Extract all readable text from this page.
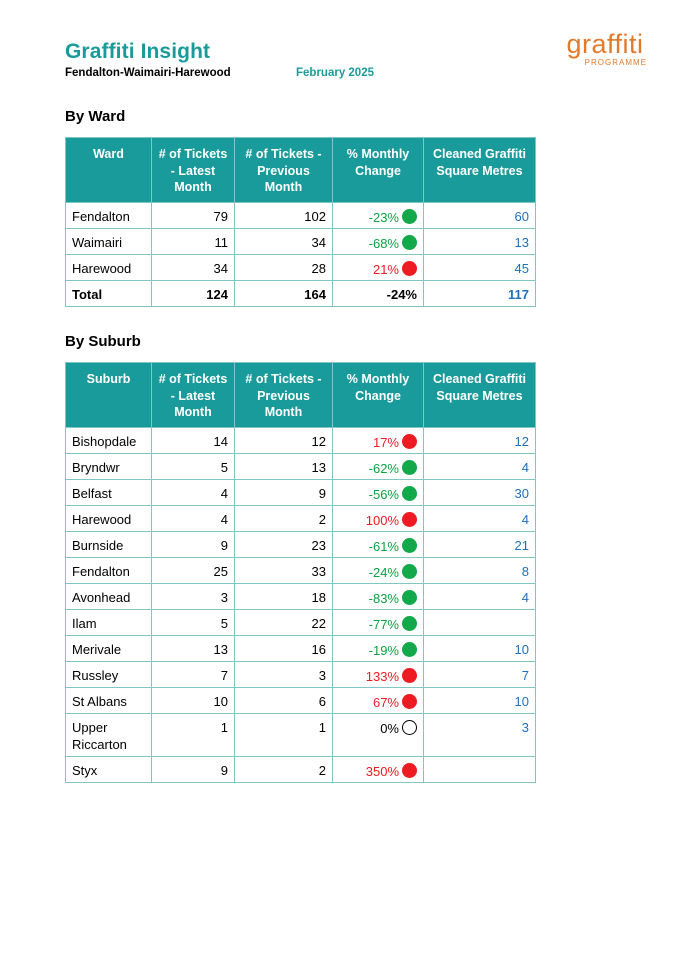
Graffiti Insight
Fendalton-Waimairi-Harewood	February 2025
graffiti
PROGRAMME
By Ward
Ward	# of Tickets - Latest Month	# of Tickets - Previous Month	% Monthly Change	Cleaned Graffiti Square Metres
Fendalton	79	102	-23%	60
Waimairi	11	34	-68%	13
Harewood	34	28	21%	45
Total	124	164	-24%	117
By Suburb
Suburb	# of Tickets - Latest Month	# of Tickets - Previous Month	% Monthly Change	Cleaned Graffiti Square Metres
Bishopdale	14	12	17%	12
Bryndwr	5	13	-62%	4
Belfast	4	9	-56%	30
Harewood	4	2	100%	4
Burnside	9	23	-61%	21
Fendalton	25	33	-24%	8
Avonhead	3	18	-83%	4
Ilam	5	22	-77%	
Merivale	13	16	-19%	10
Russley	7	3	133%	7
St Albans	10	6	67%	10
Upper Riccarton	1	1	0%	3
Styx	9	2	350%	
